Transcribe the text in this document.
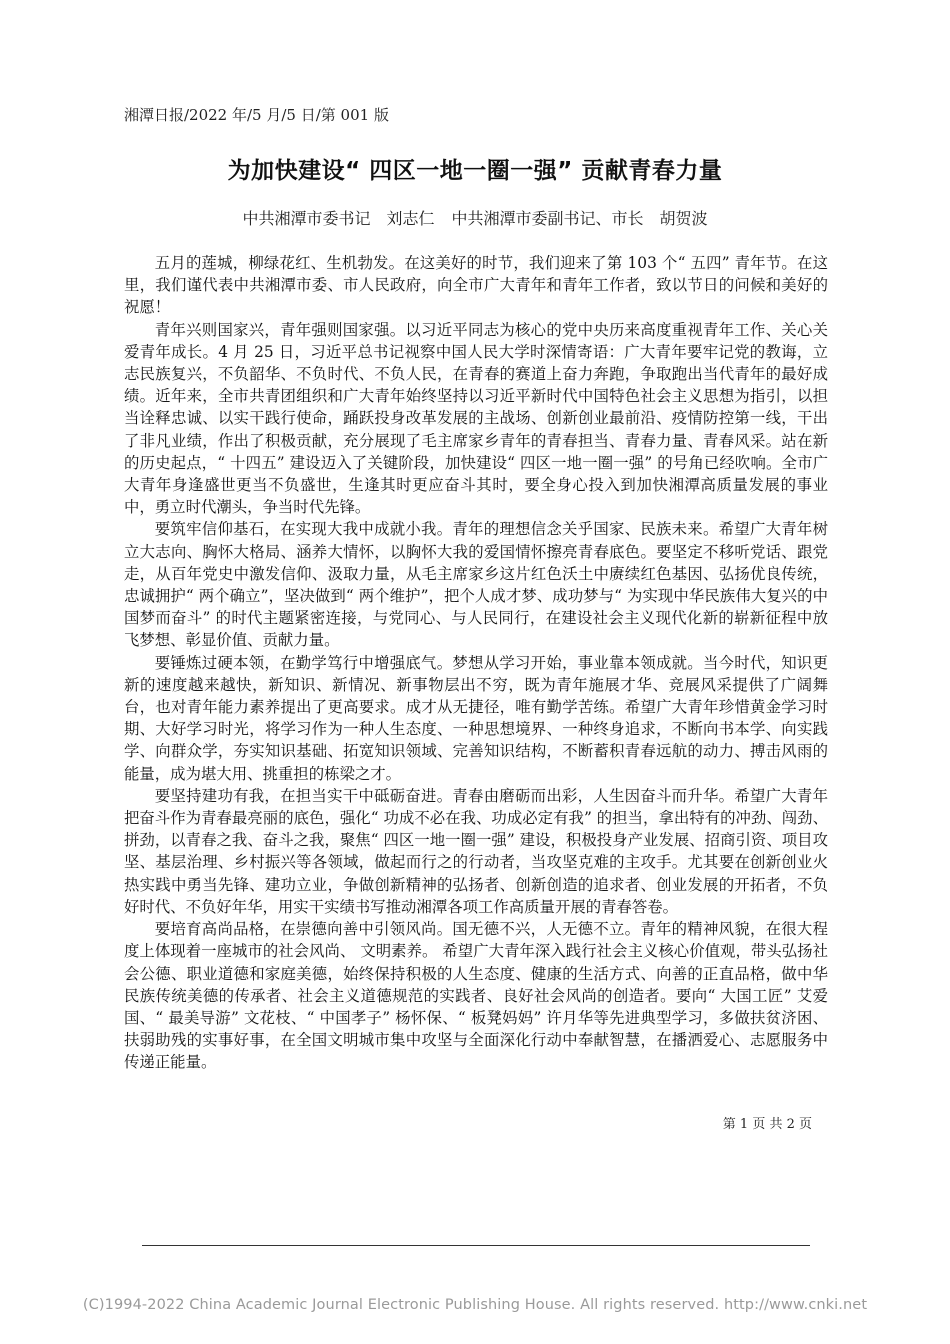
湘潭日报/2022 年/5 月/5 日/第 001 版
为加快建设“ 四区一地一圈一强” 贡献青春力量
中共湘潭市委书记　刘志仁 中共湘潭市委副书记、市长　胡贺波

五月的莲城，柳绿花红、生机勃发。在这美好的时节，我们迎来了第 103 个“ 五四” 青年节。在这里，我们谨代表中共湘潭市委、市人民政府，向全市广大青年和青年工作者，致以节日的问候和美好的祝愿！

青年兴则国家兴，青年强则国家强。以习近平同志为核心的党中央历来高度重视青年工作、关心关爱青年成长。4 月 25 日，习近平总书记视察中国人民大学时深情寄语：广大青年要牢记党的教诲，立志民族复兴，不负韶华、不负时代、不负人民，在青春的赛道上奋力奔跑，争取跑出当代青年的最好成绩。近年来，全市共青团组织和广大青年始终坚持以习近平新时代中国特色社会主义思想为指引，以担当诠释忠诚、以实干践行使命，踊跃投身改革发展的主战场、创新创业最前沿、疫情防控第一线，干出了非凡业绩，作出了积极贡献，充分展现了毛主席家乡青年的青春担当、青春力量、青春风采。站在新的历史起点，“ 十四五” 建设迈入了关键阶段，加快建设“ 四区一地一圈一强” 的号角已经吹响。全市广大青年身逢盛世更当不负盛世，生逢其时更应奋斗其时，要全身心投入到加快湘潭高质量发展的事业中，勇立时代潮头，争当时代先锋。

要筑牢信仰基石，在实现大我中成就小我。青年的理想信念关乎国家、民族未来。希望广大青年树立大志向、胸怀大格局、涵养大情怀，以胸怀大我的爱国情怀擦亮青春底色。要坚定不移听党话、跟党走，从百年党史中激发信仰、汲取力量，从毛主席家乡这片红色沃土中赓续红色基因、弘扬优良传统，忠诚拥护“ 两个确立”，坚决做到“ 两个维护”，把个人成才梦、成功梦与“ 为实现中华民族伟大复兴的中国梦而奋斗” 的时代主题紧密连接，与党同心、与人民同行，在建设社会主义现代化新的崭新征程中放飞梦想、彰显价值、贡献力量。

要锤炼过硬本领，在勤学笃行中增强底气。梦想从学习开始，事业靠本领成就。当今时代，知识更新的速度越来越快，新知识、新情况、新事物层出不穷，既为青年施展才华、竞展风采提供了广阔舞台，也对青年能力素养提出了更高要求。成才从无捷径，唯有勤学苦练。希望广大青年珍惜黄金学习时期、大好学习时光，将学习作为一种人生态度、一种思想境界、一种终身追求，不断向书本学、向实践学、向群众学，夯实知识基础、拓宽知识领域、完善知识结构，不断蓄积青春远航的动力、搏击风雨的能量，成为堪大用、挑重担的栋梁之才。

要坚持建功有我，在担当实干中砥砺奋进。青春由磨砺而出彩，人生因奋斗而升华。希望广大青年把奋斗作为青春最亮丽的底色，强化“ 功成不必在我、功成必定有我” 的担当，拿出特有的冲劲、闯劲、拼劲，以青春之我、奋斗之我，聚焦“ 四区一地一圈一强” 建设，积极投身产业发展、招商引资、项目攻坚、基层治理、乡村振兴等各领域，做起而行之的行动者，当攻坚克难的主攻手。尤其要在创新创业火热实践中勇当先锋、建功立业，争做创新精神的弘扬者、创新创造的追求者、创业发展的开拓者，不负好时代、不负好年华，用实干实绩书写推动湘潭各项工作高质量开展的青春答卷。

要培育高尚品格，在崇德向善中引领风尚。国无德不兴，人无德不立。青年的精神风貌，在很大程度上体现着一座城市的社会风尚、 文明素养。 希望广大青年深入践行社会主义核心价值观，带头弘扬社会公德、职业道德和家庭美德，始终保持积极的人生态度、健康的生活方式、向善的正直品格，做中华民族传统美德的传承者、社会主义道德规范的实践者、良好社会风尚的创造者。要向“ 大国工匠” 艾爱国、“ 最美导游” 文花枝、“ 中国孝子” 杨怀保、“ 板凳妈妈” 许月华等先进典型学习，多做扶贫济困、扶弱助残的实事好事，在全国文明城市集中攻坚与全面深化行动中奉献智慧，在播洒爱心、志愿服务中传递正能量。

第 1 页 共 2 页
(C)1994-2022 China Academic Journal Electronic Publishing House. All rights reserved. http://www.cnki.net
